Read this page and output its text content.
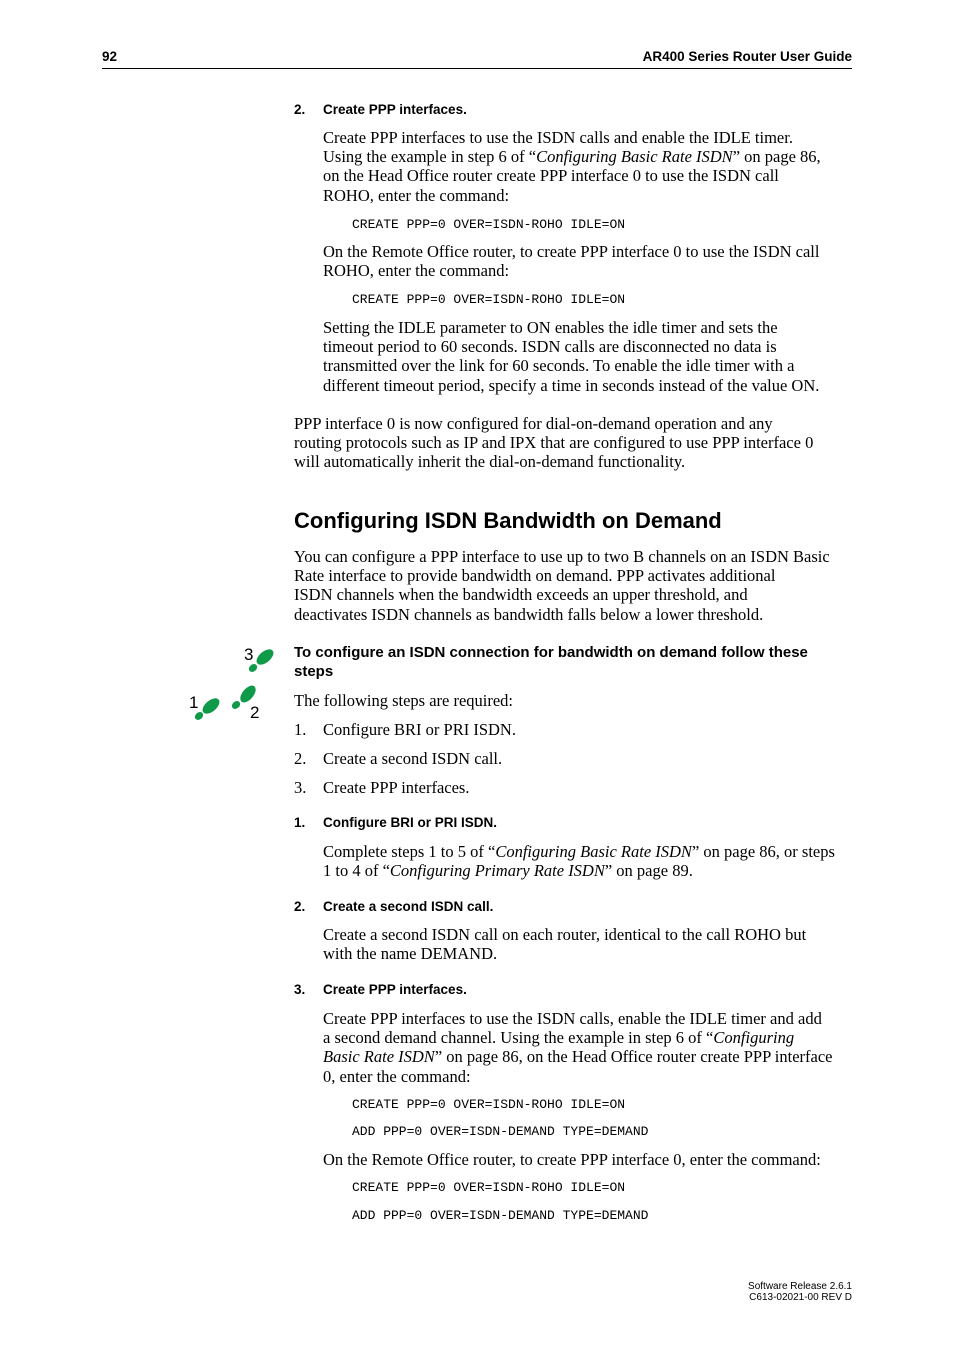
92	AR400 Series Router User Guide
2. Create PPP interfaces.
Create PPP interfaces to use the ISDN calls and enable the IDLE timer.
Using the example in step 6 of “Configuring Basic Rate ISDN” on page 86,
on the Head Office router create PPP interface 0 to use the ISDN call
ROHO, enter the command:
CREATE PPP=0 OVER=ISDN-ROHO IDLE=ON
On the Remote Office router, to create PPP interface 0 to use the ISDN call
ROHO, enter the command:
CREATE PPP=0 OVER=ISDN-ROHO IDLE=ON
Setting the IDLE parameter to ON enables the idle timer and sets the
timeout period to 60 seconds. ISDN calls are disconnected no data is
transmitted over the link for 60 seconds. To enable the idle timer with a
different timeout period, specify a time in seconds instead of the value ON.
PPP interface 0 is now configured for dial-on-demand operation and any
routing protocols such as IP and IPX that are configured to use PPP interface 0
will automatically inherit the dial-on-demand functionality.
Configuring ISDN Bandwidth on Demand
You can configure a PPP interface to use up to two B channels on an ISDN Basic
Rate interface to provide bandwidth on demand. PPP activates additional
ISDN channels when the bandwidth exceeds an upper threshold, and
deactivates ISDN channels as bandwidth falls below a lower threshold.
3
1
2
To configure an ISDN connection for bandwidth on demand follow these
steps
The following steps are required:
1. Configure BRI or PRI ISDN.
2. Create a second ISDN call.
3. Create PPP interfaces.
1. Configure BRI or PRI ISDN.
Complete steps 1 to 5 of “Configuring Basic Rate ISDN” on page 86, or steps
1 to 4 of “Configuring Primary Rate ISDN” on page 89.
2. Create a second ISDN call.
Create a second ISDN call on each router, identical to the call ROHO but
with the name DEMAND.
3. Create PPP interfaces.
Create PPP interfaces to use the ISDN calls, enable the IDLE timer and add
a second demand channel. Using the example in step 6 of “Configuring
Basic Rate ISDN” on page 86, on the Head Office router create PPP interface
0, enter the command:
CREATE PPP=0 OVER=ISDN-ROHO IDLE=ON
ADD PPP=0 OVER=ISDN-DEMAND TYPE=DEMAND
On the Remote Office router, to create PPP interface 0, enter the command:
CREATE PPP=0 OVER=ISDN-ROHO IDLE=ON
ADD PPP=0 OVER=ISDN-DEMAND TYPE=DEMAND
Software Release 2.6.1
C613-02021-00 REV D
